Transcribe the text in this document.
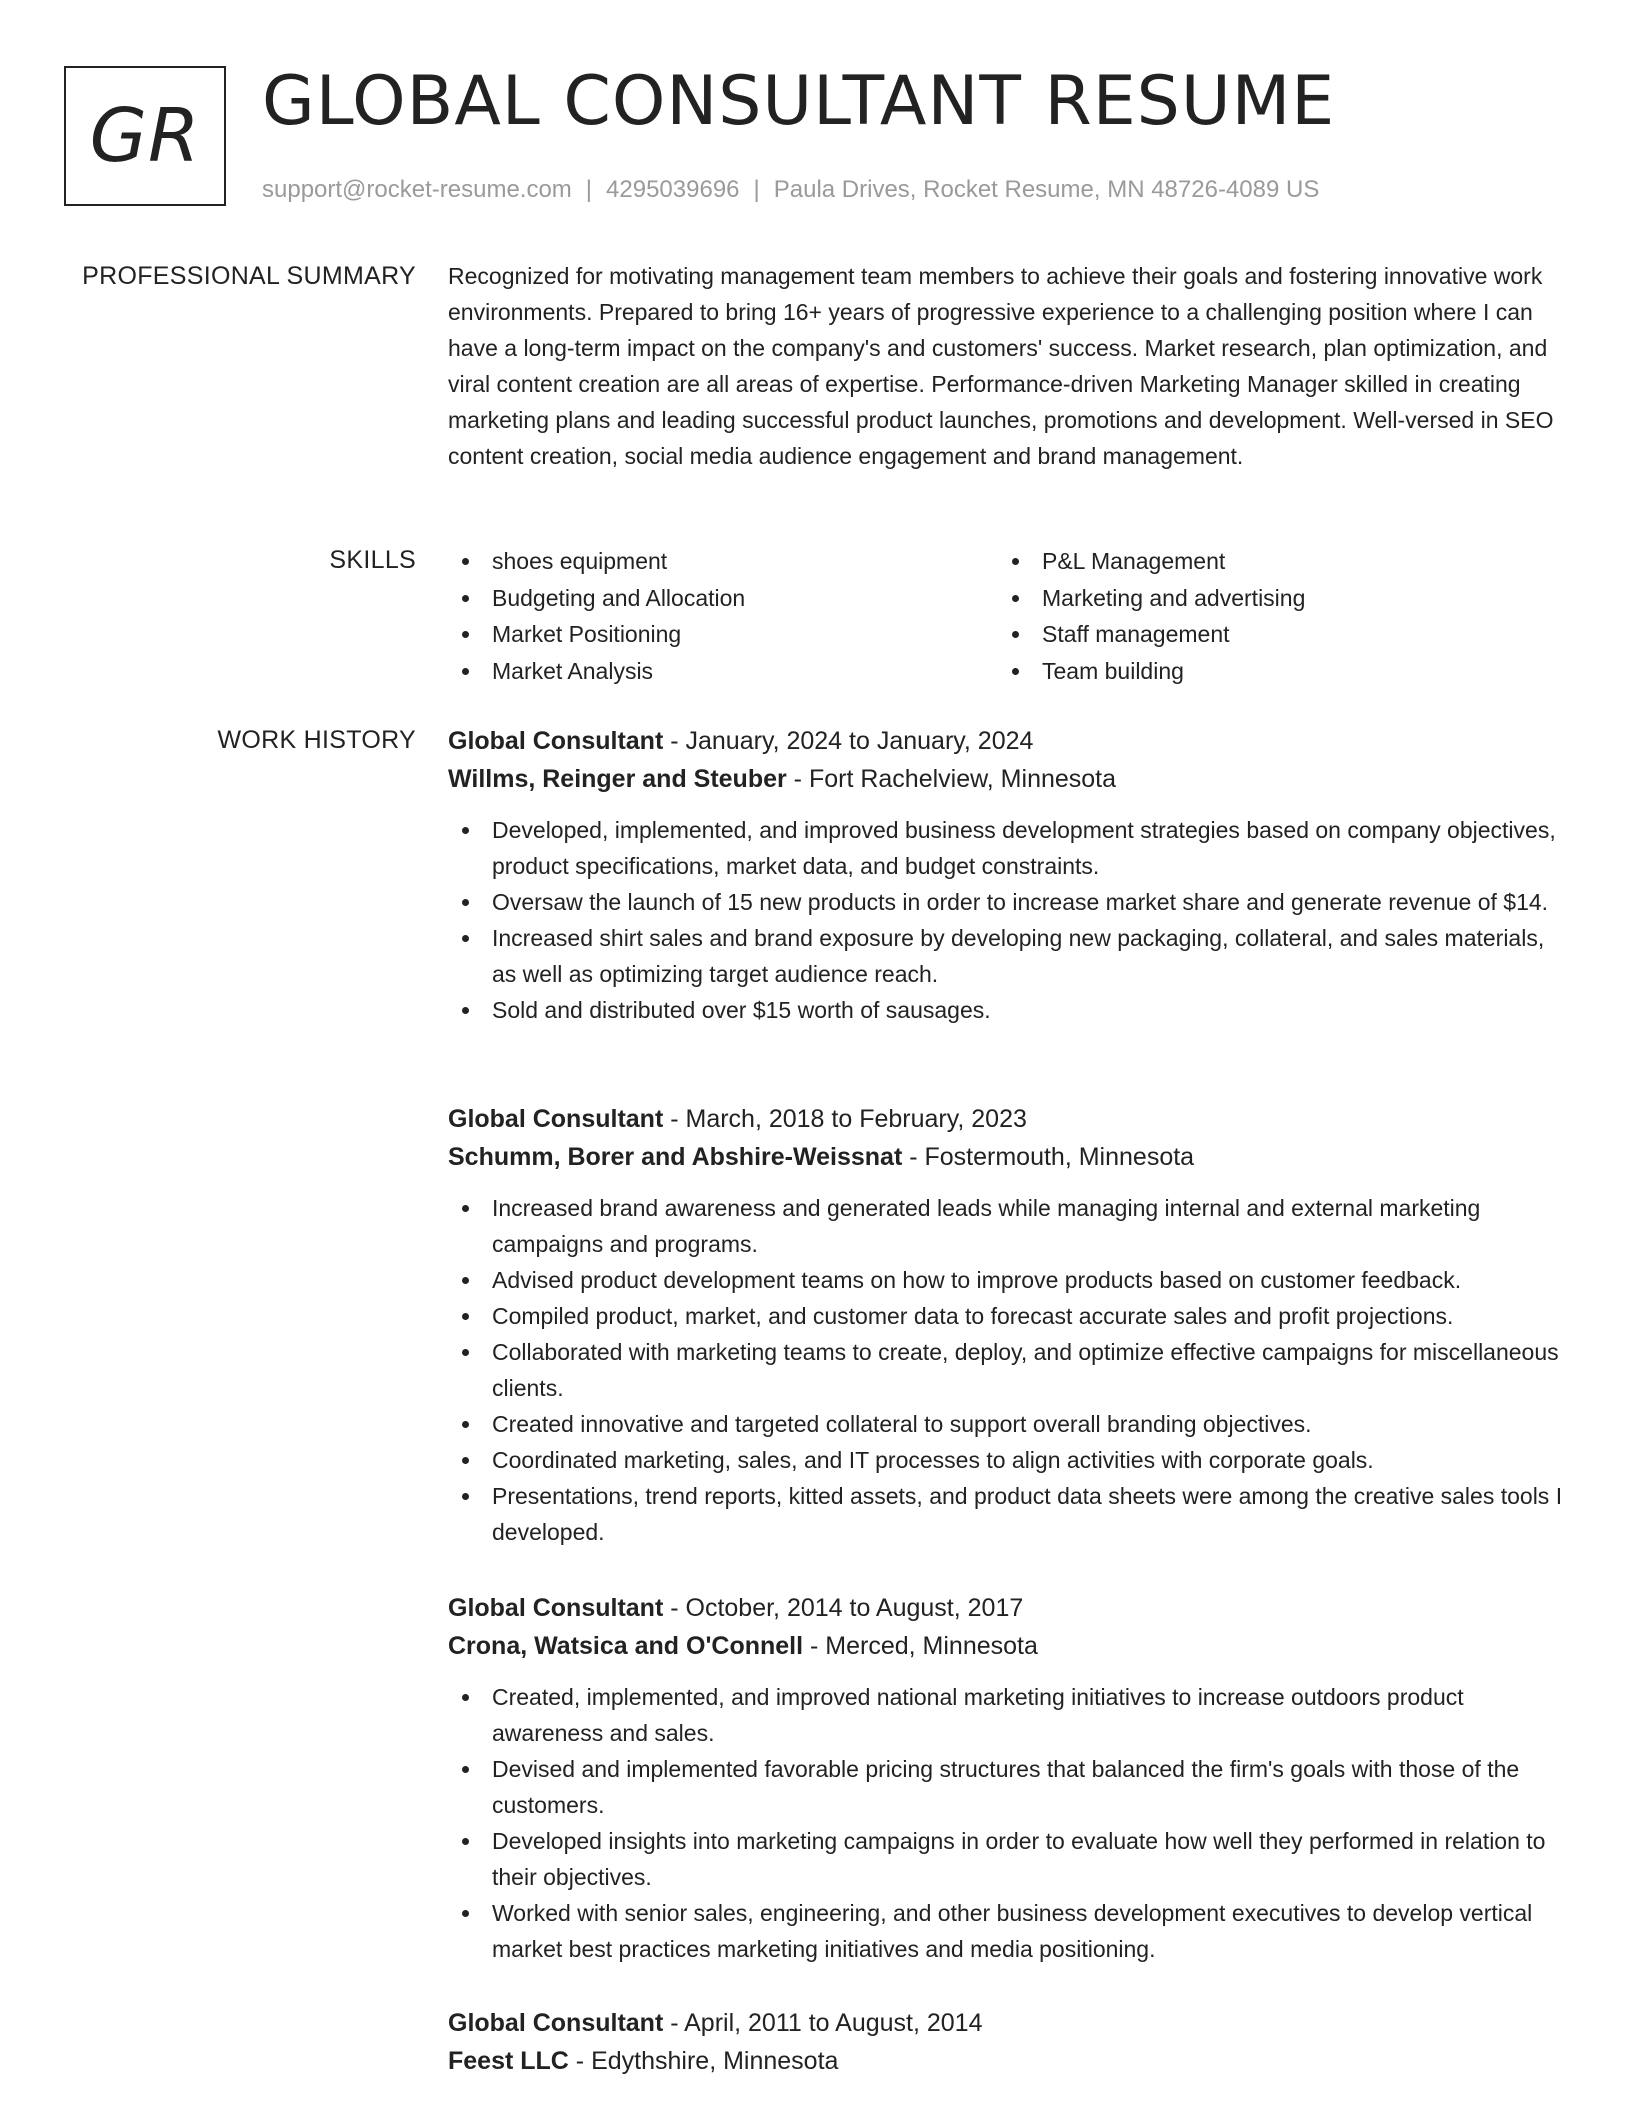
GR GLOBAL CONSULTANT RESUME
support@rocket-resume.com | 4295039696 | Paula Drives, Rocket Resume, MN 48726-4089 US
PROFESSIONAL SUMMARY Recognized for motivating management team members to achieve their goals and fostering innovative work environments. Prepared to bring 16+ years of progressive experience to a challenging position where I can have a long-term impact on the company's and customers' success. Market research, plan optimization, and viral content creation are all areas of expertise. Performance-driven Marketing Manager skilled in creating marketing plans and leading successful product launches, promotions and development. Well-versed in SEO content creation, social media audience engagement and brand management.

SKILLS	shoes equipment
Budgeting and Allocation
Market Positioning
Market Analysis
P&L Management
Marketing and advertising
Staff management
Team building
WORK HISTORY Global Consultant - January, 2024 to January, 2024
Willms, Reinger and Steuber - Fort Rachelview, Minnesota
Developed, implemented, and improved business development strategies based on company objectives, product specifications, market data, and budget constraints.
Oversaw the launch of 15 new products in order to increase market share and generate revenue of $14.
Increased shirt sales and brand exposure by developing new packaging, collateral, and sales materials, as well as optimizing target audience reach.
Sold and distributed over $15 worth of sausages.
Global Consultant - March, 2018 to February, 2023
Schumm, Borer and Abshire-Weissnat - Fostermouth, Minnesota
Increased brand awareness and generated leads while managing internal and external marketing campaigns and programs.
Advised product development teams on how to improve products based on customer feedback.
Compiled product, market, and customer data to forecast accurate sales and profit projections.
Collaborated with marketing teams to create, deploy, and optimize effective campaigns for miscellaneous clients.
Created innovative and targeted collateral to support overall branding objectives.
Coordinated marketing, sales, and IT processes to align activities with corporate goals.
Presentations, trend reports, kitted assets, and product data sheets were among the creative sales tools I developed.
Global Consultant - October, 2014 to August, 2017
Crona, Watsica and O'Connell - Merced, Minnesota
Created, implemented, and improved national marketing initiatives to increase outdoors product awareness and sales.
Devised and implemented favorable pricing structures that balanced the firm's goals with those of the customers.
Developed insights into marketing campaigns in order to evaluate how well they performed in relation to their objectives.
Worked with senior sales, engineering, and other business development executives to develop vertical market best practices marketing initiatives and media positioning.
Global Consultant - April, 2011 to August, 2014
Feest LLC - Edythshire, Minnesota
